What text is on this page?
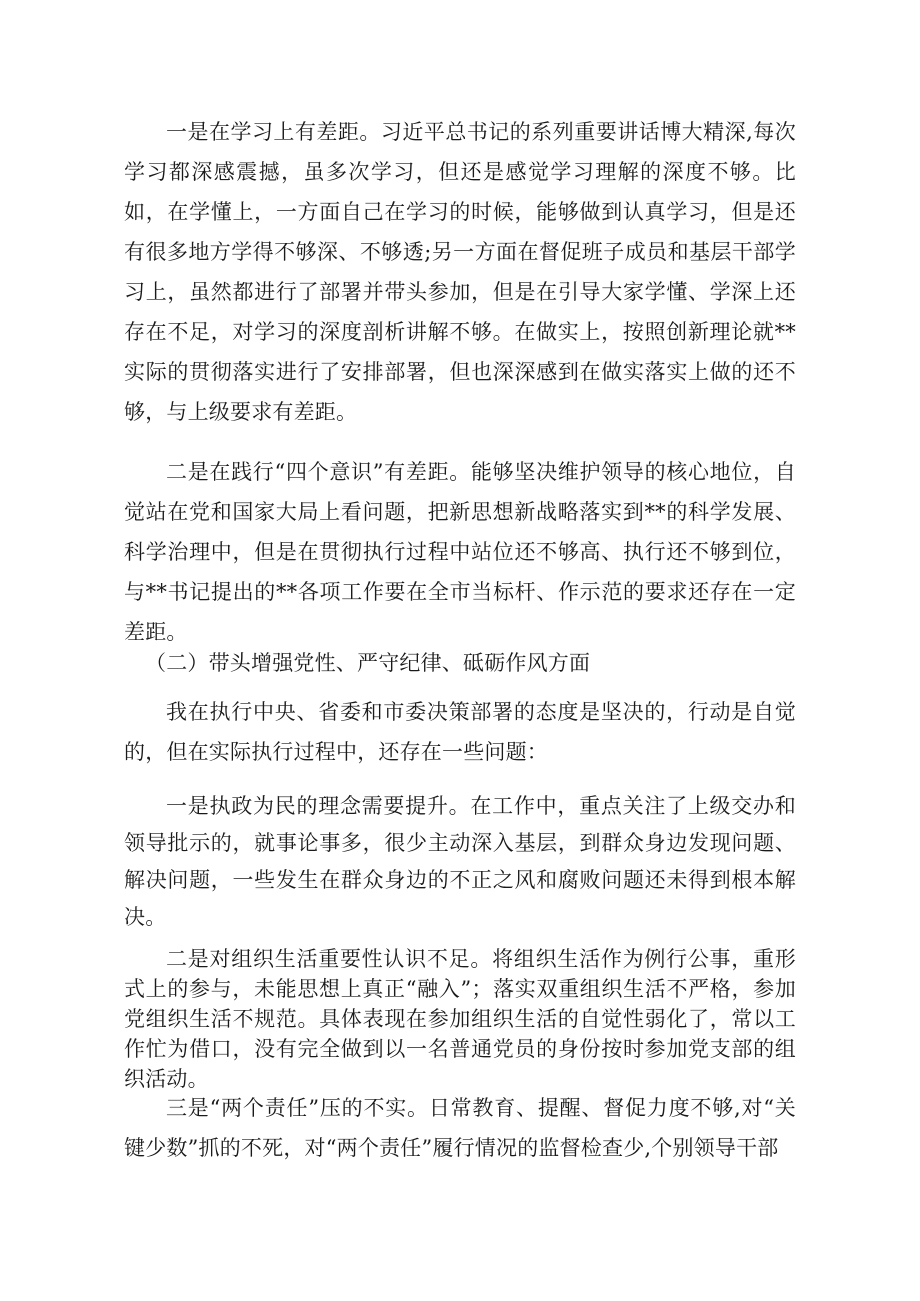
一是在学习上有差距。习近平总书记的系列重要讲话博大精深,每次学习都深感震撼，虽多次学习，但还是感觉学习理解的深度不够。比如，在学懂上，一方面自己在学习的时候，能够做到认真学习，但是还有很多地方学得不够深、不够透;另一方面在督促班子成员和基层干部学习上，虽然都进行了部署并带头参加，但是在引导大家学懂、学深上还存在不足，对学习的深度剖析讲解不够。在做实上，按照创新理论就**实际的贯彻落实进行了安排部署，但也深深感到在做实落实上做的还不够，与上级要求有差距。

二是在践行“四个意识”有差距。能够坚决维护领导的核心地位，自觉站在党和国家大局上看问题，把新思想新战略落实到**的科学发展、科学治理中，但是在贯彻执行过程中站位还不够高、执行还不够到位，与**书记提出的**各项工作要在全市当标杆、作示范的要求还存在一定差距。

（二）带头增强党性、严守纪律、砥砺作风方面

我在执行中央、省委和市委决策部署的态度是坚决的，行动是自觉的，但在实际执行过程中，还存在一些问题：

一是执政为民的理念需要提升。在工作中，重点关注了上级交办和领导批示的，就事论事多，很少主动深入基层，到群众身边发现问题、解决问题，一些发生在群众身边的不正之风和腐败问题还未得到根本解决。

二是对组织生活重要性认识不足。将组织生活作为例行公事，重形式上的参与，未能思想上真正“融入”；落实双重组织生活不严格，参加党组织生活不规范。具体表现在参加组织生活的自觉性弱化了，常以工作忙为借口，没有完全做到以一名普通党员的身份按时参加党支部的组织活动。

三是“两个责任”压的不实。日常教育、提醒、督促力度不够,对“关键少数”抓的不死，对“两个责任”履行情况的监督检查少,个别领导干部
